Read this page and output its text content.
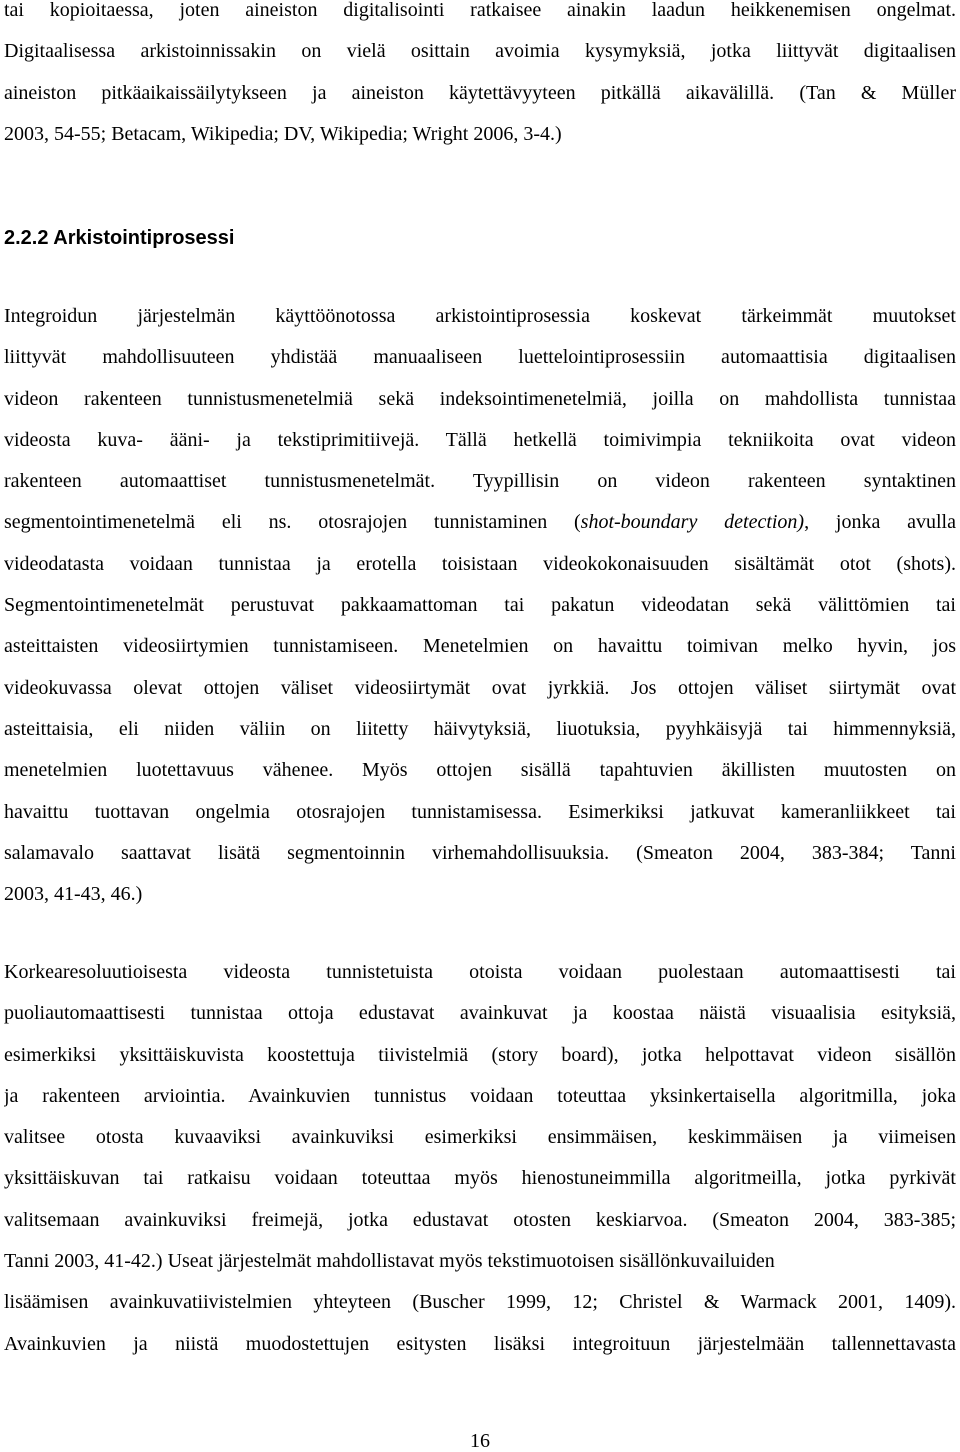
tai kopioitaessa, joten aineiston digitalisointi ratkaisee ainakin laadun heikkenemisen ongelmat.
Digitaalisessa arkistoinnissakin on vielä osittain avoimia kysymyksiä, jotka liittyvät digitaalisen
aineiston pitkäaikaissäilytykseen ja aineiston käytettävyyteen pitkällä aikavälillä. (Tan & Müller
2003, 54-55; Betacam, Wikipedia; DV, Wikipedia; Wright 2006, 3-4.)
2.2.2 Arkistointiprosessi
Integroidun järjestelmän käyttöönotossa arkistointiprosessia koskevat tärkeimmät muutokset
liittyvät mahdollisuuteen yhdistää manuaaliseen luettelointiprosessiin automaattisia digitaalisen
videon rakenteen tunnistusmenetelmiä sekä indeksointimenetelmiä, joilla on mahdollista tunnistaa
videosta kuva- ääni- ja tekstiprimitiivejä. Tällä hetkellä toimivimpia tekniikoita ovat videon
rakenteen automaattiset tunnistusmenetelmät. Tyypillisin on videon rakenteen syntaktinen
segmentointimenetelmä eli ns. otosrajojen tunnistaminen (shot-boundary detection), jonka avulla
videodatasta voidaan tunnistaa ja erotella toisistaan videokokonaisuuden sisältämät otot (shots).
Segmentointimenetelmät perustuvat pakkaamattoman tai pakatun videodatan sekä välittömien tai
asteittaisten videosiirtymien tunnistamiseen. Menetelmien on havaittu toimivan melko hyvin, jos
videokuvassa olevat ottojen väliset videosiirtymät ovat jyrkkiä. Jos ottojen väliset siirtymät ovat
asteittaisia, eli niiden väliin on liitetty häivytyksiä, liuotuksia, pyyhkäisyjä tai himmennyksiä,
menetelmien luotettavuus vähenee. Myös ottojen sisällä tapahtuvien äkillisten muutosten on
havaittu tuottavan ongelmia otosrajojen tunnistamisessa. Esimerkiksi jatkuvat kameranliikkeet tai
salamavalo saattavat lisätä segmentoinnin virhemahdollisuuksia. (Smeaton 2004, 383-384; Tanni
2003, 41-43, 46.)
Korkearesoluutioisesta videosta tunnistetuista otoista voidaan puolestaan automaattisesti tai
puoliautomaattisesti tunnistaa ottoja edustavat avainkuvat ja koostaa näistä visuaalisia esityksiä,
esimerkiksi yksittäiskuvista koostettuja tiivistelmiä (story board), jotka helpottavat videon sisällön
ja rakenteen arviointia. Avainkuvien tunnistus voidaan toteuttaa yksinkertaisella algoritmilla, joka
valitsee otosta kuvaaviksi avainkuviksi esimerkiksi ensimmäisen, keskimmäisen ja viimeisen
yksittäiskuvan tai ratkaisu voidaan toteuttaa myös hienostuneimmilla algoritmeilla, jotka pyrkivät
valitsemaan avainkuviksi freimejä, jotka edustavat otosten keskiarvoa. (Smeaton 2004, 383-385;
Tanni 2003, 41-42.) Useat järjestelmät mahdollistavat myös tekstimuotoisen sisällönkuvailuiden
lisäämisen avainkuvatiivistelmien yhteyteen (Buscher 1999, 12; Christel & Warmack 2001, 1409).
Avainkuvien ja niistä muodostettujen esitysten lisäksi integroituun järjestelmään tallennettavasta
16
